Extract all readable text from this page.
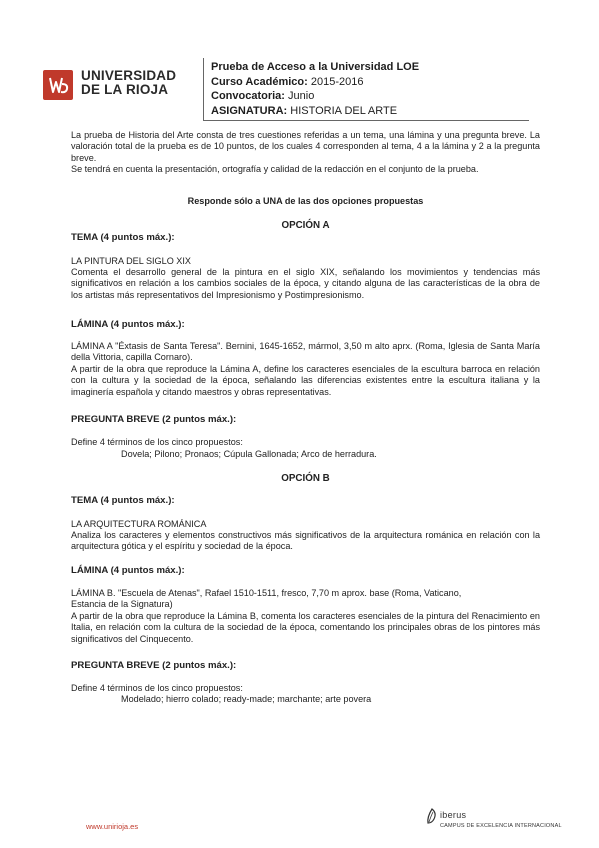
UNIVERSIDAD
DE LA RIOJA
Prueba de Acceso a la Universidad LOE
Curso Académico: 2015-2016
Convocatoria: Junio
ASIGNATURA: HISTORIA DEL ARTE
La prueba de Historia del Arte consta de tres cuestiones referidas a un tema, una lámina y una pregunta breve. La valoración total de la prueba es de 10 puntos, de los cuales 4 corresponden al tema, 4 a la lámina y 2 a la pregunta breve.
Se tendrá en cuenta la presentación, ortografía y calidad de la redacción en el conjunto de la prueba.
Responde sólo a UNA de las dos opciones propuestas
OPCIÓN A
TEMA (4 puntos máx.):
LA PINTURA DEL SIGLO XIX
Comenta el desarrollo general de la pintura en el siglo XIX, señalando los movimientos y tendencias más significativos en relación a los cambios sociales de la época, y citando alguna de las características de la obra de los artistas más representativos del Impresionismo y Postimpresionismo.
LÁMINA (4 puntos máx.):
LÁMINA A "Éxtasis de Santa Teresa". Bernini, 1645-1652, mármol, 3,50 m alto aprx. (Roma, Iglesia de Santa María della Vittoria, capilla Cornaro).
A partir de la obra que reproduce la Lámina A, define los caracteres esenciales de la escultura barroca en relación con la cultura y la sociedad de la época, señalando las diferencias existentes entre la escultura italiana y la imaginería española y citando maestros y obras representativas.
PREGUNTA BREVE (2 puntos máx.):
Define 4 términos de los cinco propuestos:
Dovela; Pilono; Pronaos; Cúpula Gallonada; Arco de herradura.
OPCIÓN B
TEMA (4 puntos máx.):
LA ARQUITECTURA ROMÁNICA
Analiza los caracteres y elementos constructivos más significativos de la arquitectura románica en relación con la arquitectura gótica y el espíritu y sociedad de la época.
LÁMINA (4 puntos máx.):
LÁMINA B. "Escuela de Atenas", Rafael 1510-1511, fresco, 7,70 m aprox. base (Roma, Vaticano,
Estancia de la Signatura)
A partir de la obra que reproduce la Lámina B, comenta los caracteres esenciales de la pintura del Renacimiento en Italia, en relación com la cultura de la sociedad de la época, comentando los principales obras de los pintores más significativos del Cinquecento.
PREGUNTA BREVE (2 puntos máx.):
Define 4 términos de los cinco propuestos:
Modelado; hierro colado; ready-made; marchante; arte povera
www.unirioja.es
iberus
CAMPUS DE EXCELENCIA INTERNACIONAL
